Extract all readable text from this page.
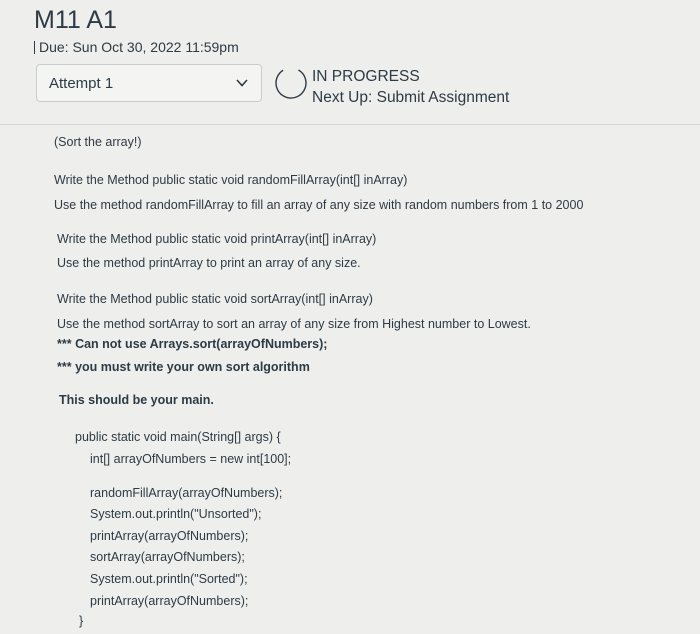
M11 A1
Due: Sun Oct 30, 2022 11:59pm
Attempt 1	IN PROGRESS
Next Up: Submit Assignment
(Sort the array!)
Write the Method public static void randomFillArray(int[] inArray)
Use the method randomFillArray to fill an array of any size with random numbers from 1 to 2000
Write the Method public static void printArray(int[] inArray)
Use the method printArray to print an array of any size.
Write the Method public static void sortArray(int[] inArray)
Use the method sortArray to sort an array of any size from Highest number to Lowest.
*** Can not use Arrays.sort(arrayOfNumbers);
*** you must write your own sort algorithm
This should be your main.
public static void main(String[] args) {
int[] arrayOfNumbers = new int[100];
randomFillArray(arrayOfNumbers);
System.out.println("Unsorted");
printArray(arrayOfNumbers);
sortArray(arrayOfNumbers);
System.out.println("Sorted");
printArray(arrayOfNumbers);
}
